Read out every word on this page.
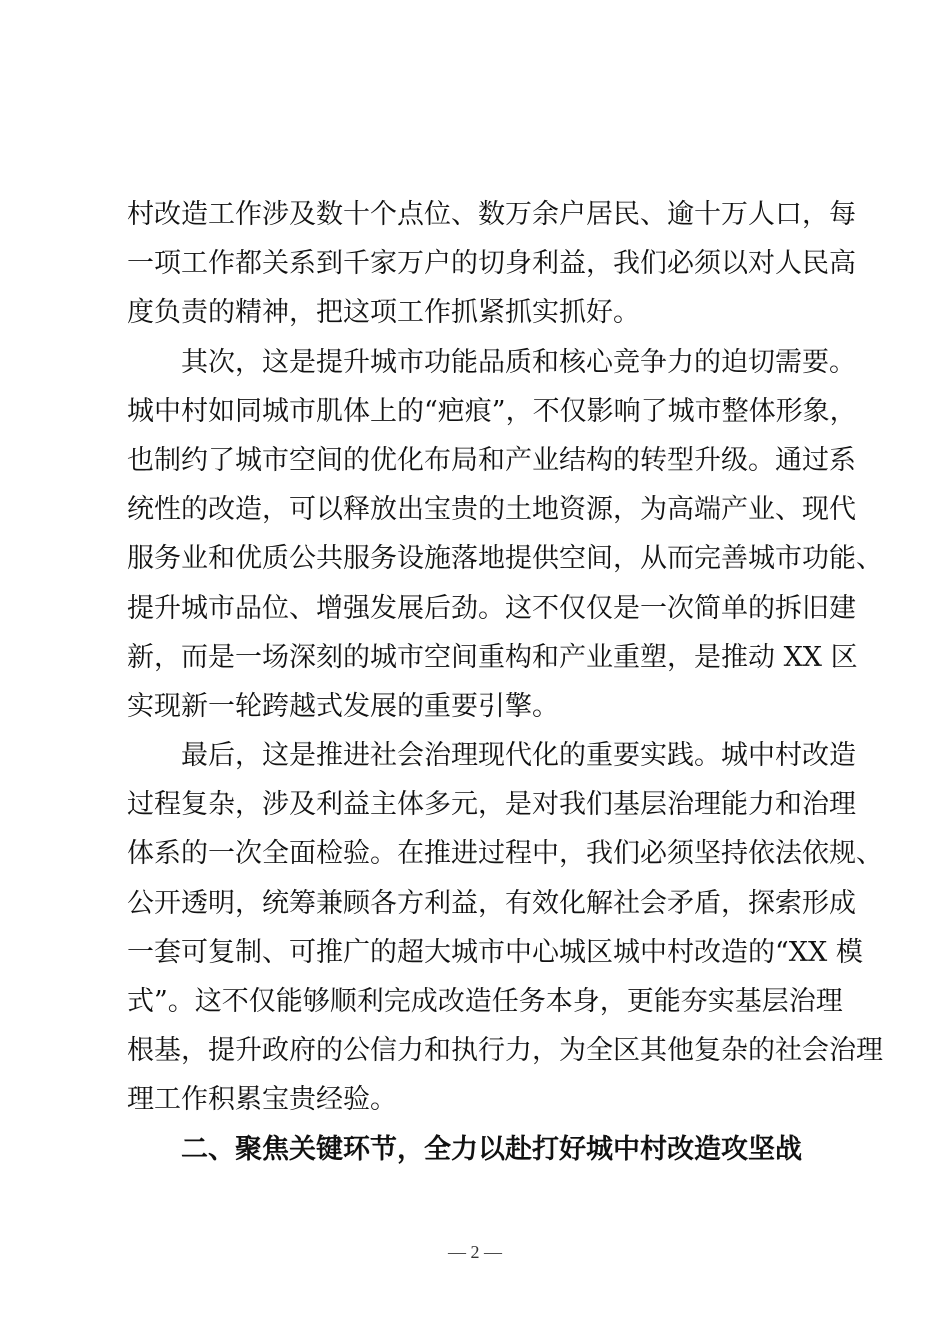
村改造工作涉及数十个点位、数万余户居民、逾十万人口，每
一项工作都关系到千家万户的切身利益，我们必须以对人民高
度负责的精神，把这项工作抓紧抓实抓好。
其次，这是提升城市功能品质和核心竞争力的迫切需要。
城中村如同城市肌体上的“疤痕”，不仅影响了城市整体形象，
也制约了城市空间的优化布局和产业结构的转型升级。通过系
统性的改造，可以释放出宝贵的土地资源，为高端产业、现代
服务业和优质公共服务设施落地提供空间，从而完善城市功能、
提升城市品位、增强发展后劲。这不仅仅是一次简单的拆旧建
新，而是一场深刻的城市空间重构和产业重塑，是推动 XX 区
实现新一轮跨越式发展的重要引擎。
最后，这是推进社会治理现代化的重要实践。城中村改造
过程复杂，涉及利益主体多元，是对我们基层治理能力和治理
体系的一次全面检验。在推进过程中，我们必须坚持依法依规、
公开透明，统筹兼顾各方利益，有效化解社会矛盾，探索形成
一套可复制、可推广的超大城市中心城区城中村改造的“XX 模
式”。这不仅能够顺利完成改造任务本身，更能夯实基层治理
根基，提升政府的公信力和执行力，为全区其他复杂的社会治理
理工作积累宝贵经验。
二、聚焦关键环节，全力以赴打好城中村改造攻坚战
— 2 —
